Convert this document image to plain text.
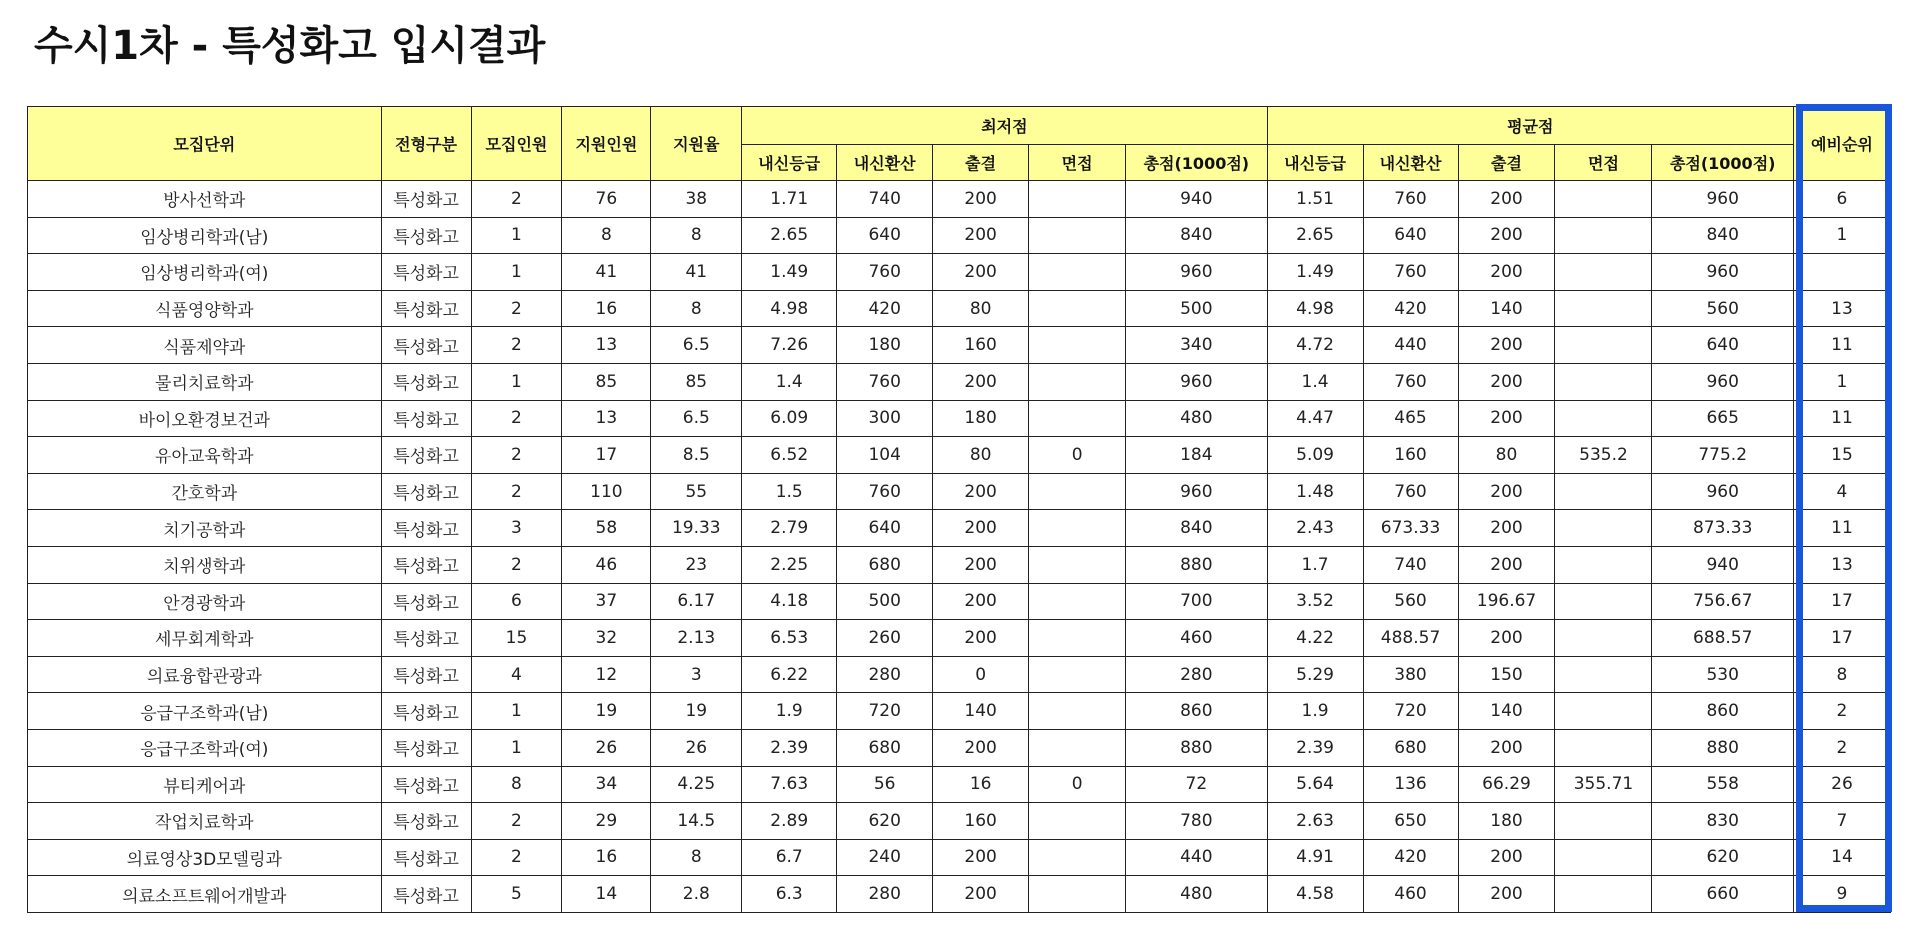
수시1차 - 특성화고 입시결과
모집단위	전형구분	모집인원	지원인원	지원율	최저점					평균점					예비순위
					내신등급	내신환산	출결	면접	총점(1000점)	내신등급	내신환산	출결	면접	총점(1000점)	
방사선학과	특성화고	2	76	38	1.71	740	200		940	1.51	760	200		960	6
임상병리학과(남)	특성화고	1	8	8	2.65	640	200		840	2.65	640	200		840	1
임상병리학과(여)	특성화고	1	41	41	1.49	760	200		960	1.49	760	200		960	
식품영양학과	특성화고	2	16	8	4.98	420	80		500	4.98	420	140		560	13
식품제약과	특성화고	2	13	6.5	7.26	180	160		340	4.72	440	200		640	11
물리치료학과	특성화고	1	85	85	1.4	760	200		960	1.4	760	200		960	1
바이오환경보건과	특성화고	2	13	6.5	6.09	300	180		480	4.47	465	200		665	11
유아교육학과	특성화고	2	17	8.5	6.52	104	80	0	184	5.09	160	80	535.2	775.2	15
간호학과	특성화고	2	110	55	1.5	760	200		960	1.48	760	200		960	4
치기공학과	특성화고	3	58	19.33	2.79	640	200		840	2.43	673.33	200		873.33	11
치위생학과	특성화고	2	46	23	2.25	680	200		880	1.7	740	200		940	13
안경광학과	특성화고	6	37	6.17	4.18	500	200		700	3.52	560	196.67		756.67	17
세무회계학과	특성화고	15	32	2.13	6.53	260	200		460	4.22	488.57	200		688.57	17
의료융합관광과	특성화고	4	12	3	6.22	280	0		280	5.29	380	150		530	8
응급구조학과(남)	특성화고	1	19	19	1.9	720	140		860	1.9	720	140		860	2
응급구조학과(여)	특성화고	1	26	26	2.39	680	200		880	2.39	680	200		880	2
뷰티케어과	특성화고	8	34	4.25	7.63	56	16	0	72	5.64	136	66.29	355.71	558	26
작업치료학과	특성화고	2	29	14.5	2.89	620	160		780	2.63	650	180		830	7
의료영상3D모델링과	특성화고	2	16	8	6.7	240	200		440	4.91	420	200		620	14
의료소프트웨어개발과	특성화고	5	14	2.8	6.3	280	200		480	4.58	460	200		660	9
